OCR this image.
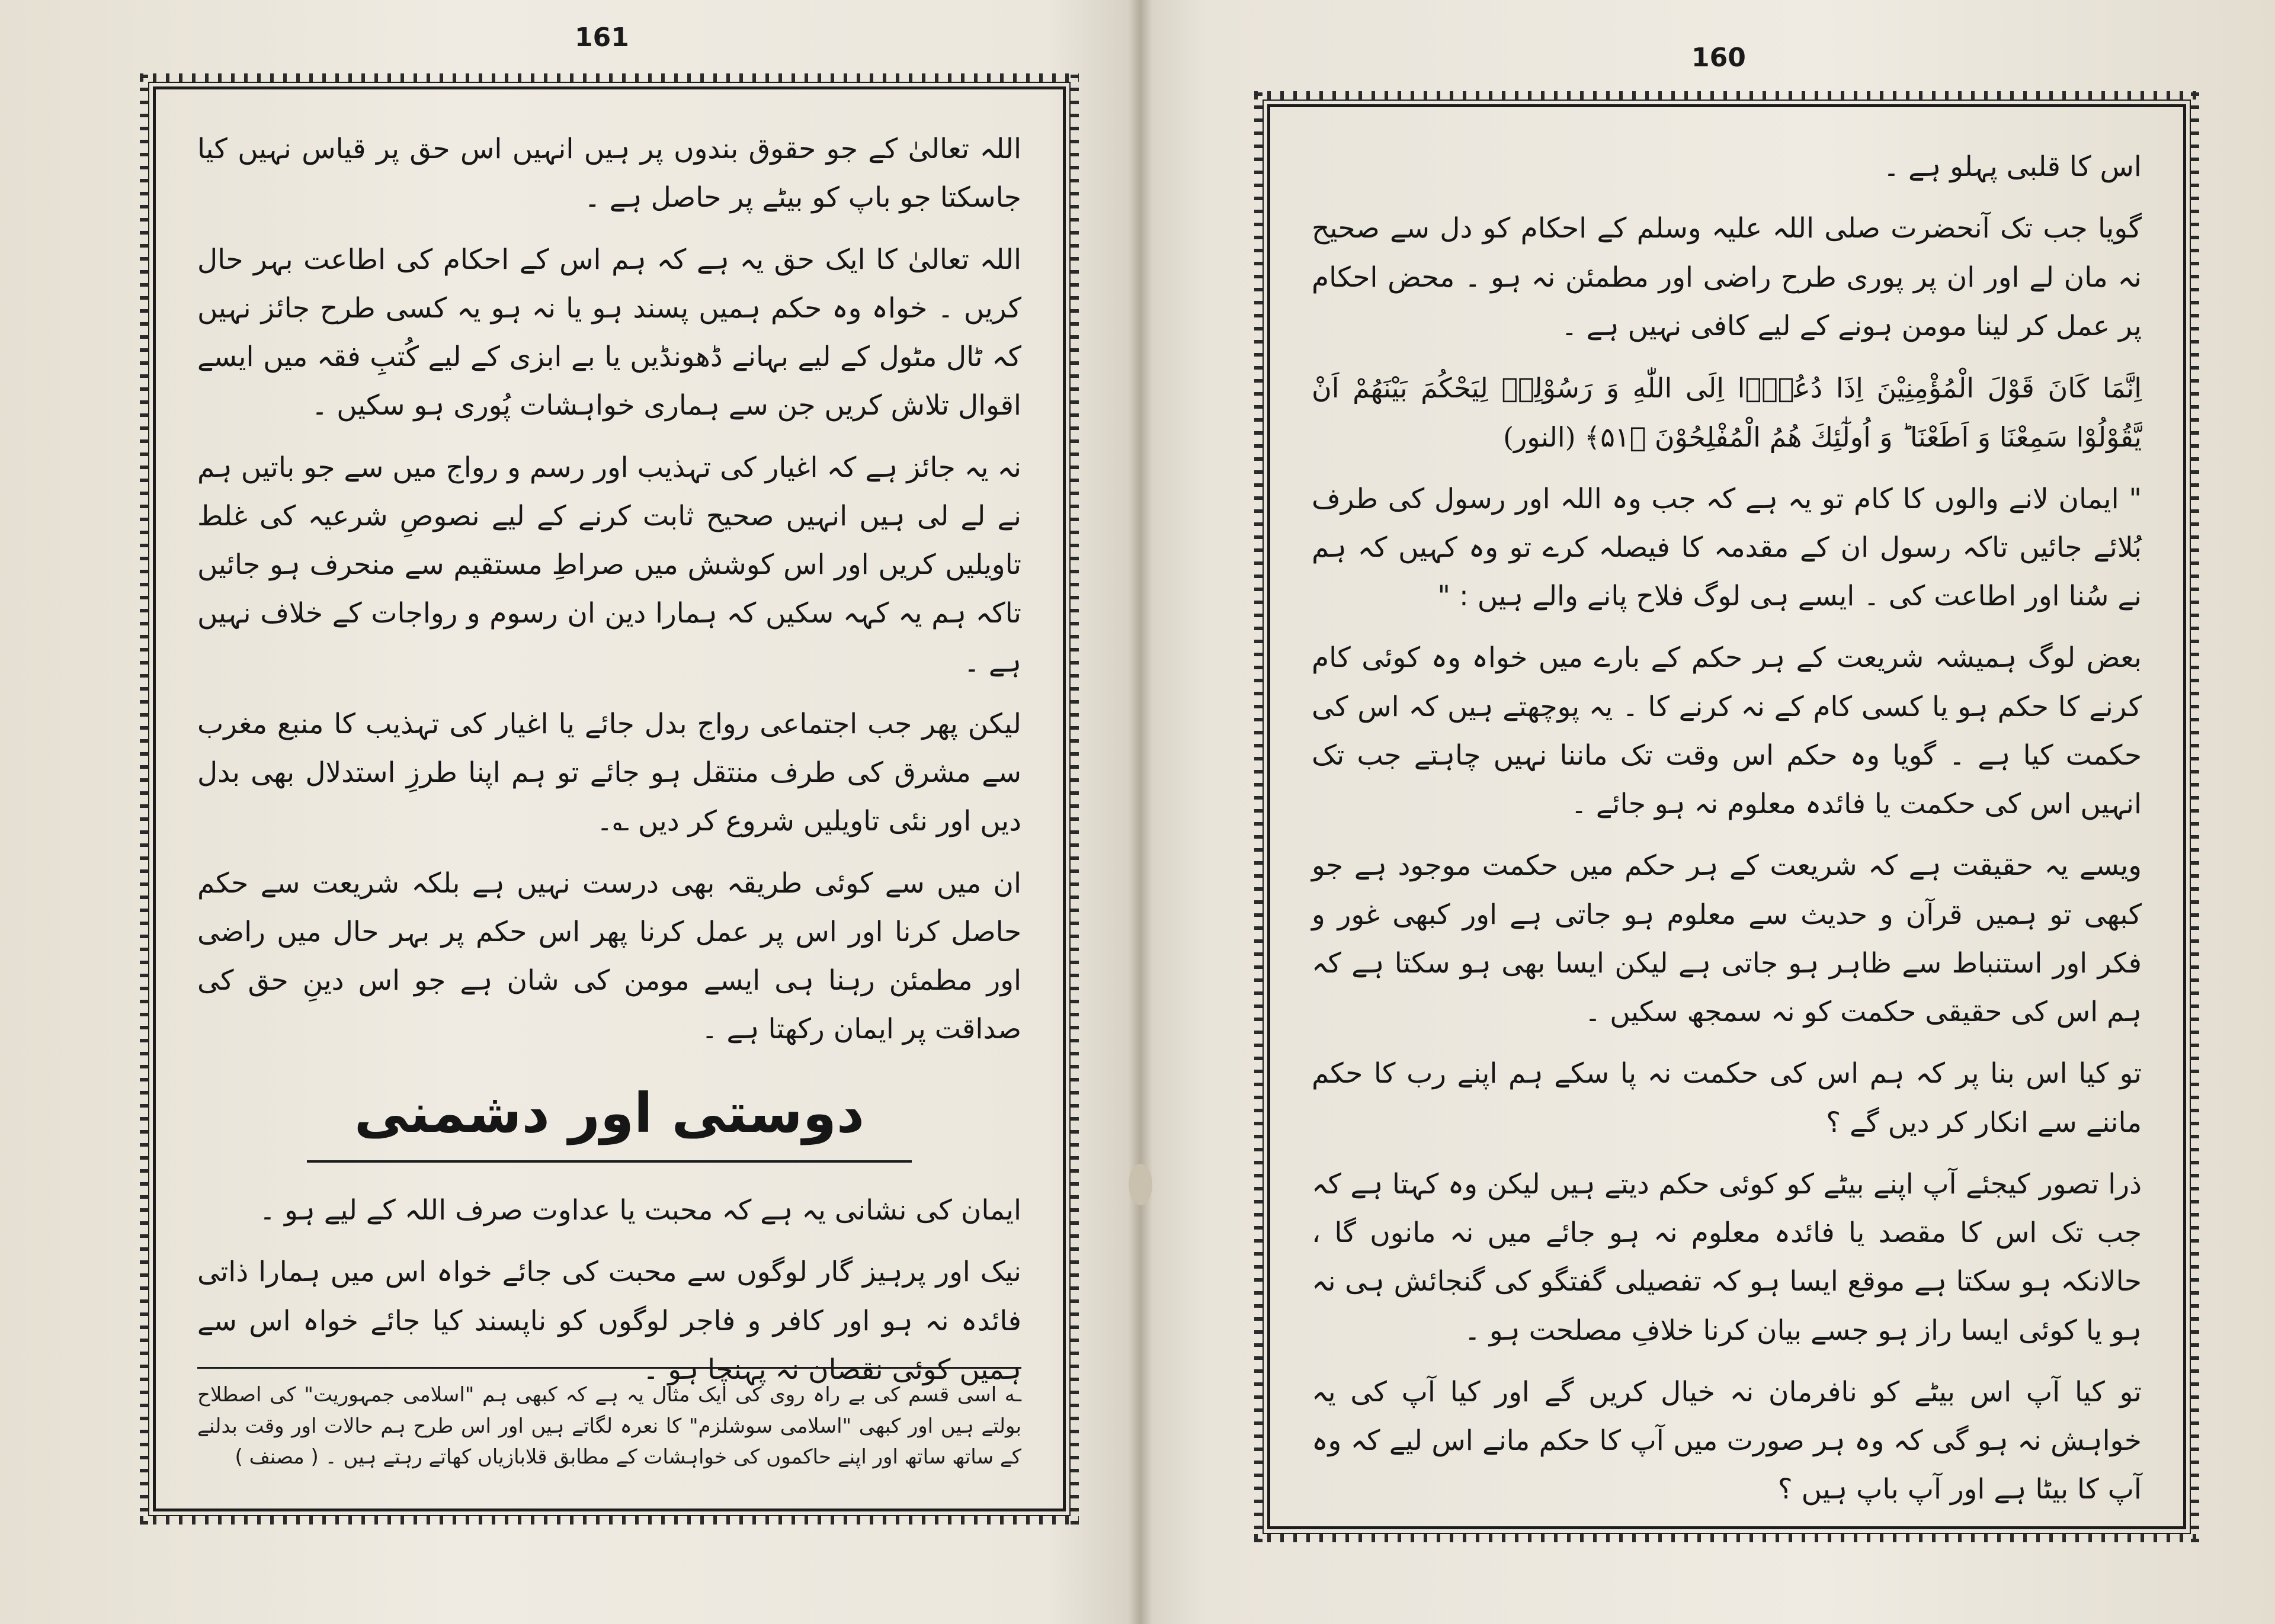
161

اللہ تعالیٰ کے جو حقوق بندوں پر ہیں انہیں اس حق پر قیاس نہیں کیا جاسکتا جو باپ کو بیٹے پر حاصل ہے ۔

اللہ تعالیٰ کا ایک حق یہ ہے کہ ہم اس کے احکام کی اطاعت بہر حال کریں ۔ خواہ وہ حکم ہمیں پسند ہو یا نہ ہو یہ کسی طرح جائز نہیں کہ ٹال مٹول کے لیے بہانے ڈھونڈیں یا بے ابزی کے لیے کُتبِ فقہ میں ایسے اقوال تلاش کریں جن سے ہماری خواہشات پُوری ہو سکیں ۔

نہ یہ جائز ہے کہ اغیار کی تہذیب اور رسم و رواج میں سے جو باتیں ہم نے لے لی ہیں انہیں صحیح ثابت کرنے کے لیے نصوصِ شرعیہ کی غلط تاویلیں کریں اور اس کوشش میں صراطِ مستقیم سے منحرف ہو جائیں تاکہ ہم یہ کہہ سکیں کہ ہمارا دین ان رسوم و رواجات کے خلاف نہیں ہے ۔

لیکن پھر جب اجتماعی رواج بدل جائے یا اغیار کی تہذیب کا منبع مغرب سے مشرق کی طرف منتقل ہو جائے تو ہم اپنا طرزِ استدلال بھی بدل دیں اور نئی تاویلیں شروع کر دیں ؎۔

ان میں سے کوئی طریقہ بھی درست نہیں ہے بلکہ شریعت سے حکم حاصل کرنا اور اس پر عمل کرنا پھر اس حکم پر بہر حال میں راضی اور مطمئن رہنا ہی ایسے مومن کی شان ہے جو اس دینِ حق کی صداقت پر ایمان رکھتا ہے ۔

دوستی اور دشمنی

ایمان کی نشانی یہ ہے کہ محبت یا عداوت صرف اللہ کے لیے ہو ۔

نیک اور پرہیز گار لوگوں سے محبت کی جائے خواہ اس میں ہمارا ذاتی فائدہ نہ ہو اور کافر و فاجر لوگوں کو ناپسند کیا جائے خواہ اس سے ہمیں کوئی نقصان نہ پہنچا ہو ۔

ـه اسی قسم کی بے راہ روی کی ایک مثال یہ ہے کہ کبھی ہم "اسلامی جمہوریت" کی اصطلاح بولتے ہیں اور کبھی "اسلامی سوشلزم" کا نعرہ لگاتے ہیں اور اس طرح ہم حالات اور وقت بدلنے کے ساتھ ساتھ اور اپنے حاکموں کی خواہشات کے مطابق قلابازیاں کھاتے رہتے ہیں ۔ ( مصنف )
160

اس کا قلبی پہلو ہے ۔

گویا جب تک آنحضرت صلی اللہ علیہ وسلم کے احکام کو دل سے صحیح نہ مان لے اور ان پر پوری طرح راضی اور مطمئن نہ ہو ۔ محض احکام پر عمل کر لینا مومن ہونے کے لیے کافی نہیں ہے ۔

اِنَّمَا كَانَ قَوْلَ الْمُؤْمِنِيْنَ اِذَا دُعُوْۤا اِلَى اللّٰهِ وَ رَسُوْلِهٖ لِيَحْكُمَ بَيْنَهُمْ اَنْ يَّقُوْلُوْا سَمِعْنَا وَ اَطَعْنَا ؕ وَ اُولٰٓئِكَ هُمُ الْمُفْلِحُوْنَ ﴿۵۱﴾ (النور)

" ایمان لانے والوں کا کام تو یہ ہے کہ جب وہ اللہ اور رسول کی طرف بُلائے جائیں تاکہ رسول ان کے مقدمہ کا فیصلہ کرے تو وہ کہیں کہ ہم نے سُنا اور اطاعت کی ۔ ایسے ہی لوگ فلاح پانے والے ہیں : "

بعض لوگ ہمیشہ شریعت کے ہر حکم کے بارے میں خواہ وہ کوئی کام کرنے کا حکم ہو یا کسی کام کے نہ کرنے کا ۔ یہ پوچھتے ہیں کہ اس کی حکمت کیا ہے ۔ گویا وہ حکم اس وقت تک ماننا نہیں چاہتے جب تک انہیں اس کی حکمت یا فائدہ معلوم نہ ہو جائے ۔

ویسے یہ حقیقت ہے کہ شریعت کے ہر حکم میں حکمت موجود ہے جو کبھی تو ہمیں قرآن و حدیث سے معلوم ہو جاتی ہے اور کبھی غور و فکر اور استنباط سے ظاہر ہو جاتی ہے لیکن ایسا بھی ہو سکتا ہے کہ ہم اس کی حقیقی حکمت کو نہ سمجھ سکیں ۔

تو کیا اس بنا پر کہ ہم اس کی حکمت نہ پا سکے ہم اپنے رب کا حکم ماننے سے انکار کر دیں گے ؟

ذرا تصور کیجئے آپ اپنے بیٹے کو کوئی حکم دیتے ہیں لیکن وہ کہتا ہے کہ جب تک اس کا مقصد یا فائدہ معلوم نہ ہو جائے میں نہ مانوں گا ، حالانکہ ہو سکتا ہے موقع ایسا ہو کہ تفصیلی گفتگو کی گنجائش ہی نہ ہو یا کوئی ایسا راز ہو جسے بیان کرنا خلافِ مصلحت ہو ۔

تو کیا آپ اس بیٹے کو نافرمان نہ خیال کریں گے اور کیا آپ کی یہ خواہش نہ ہو گی کہ وہ ہر صورت میں آپ کا حکم مانے اس لیے کہ وہ آپ کا بیٹا ہے اور آپ باپ ہیں ؟
